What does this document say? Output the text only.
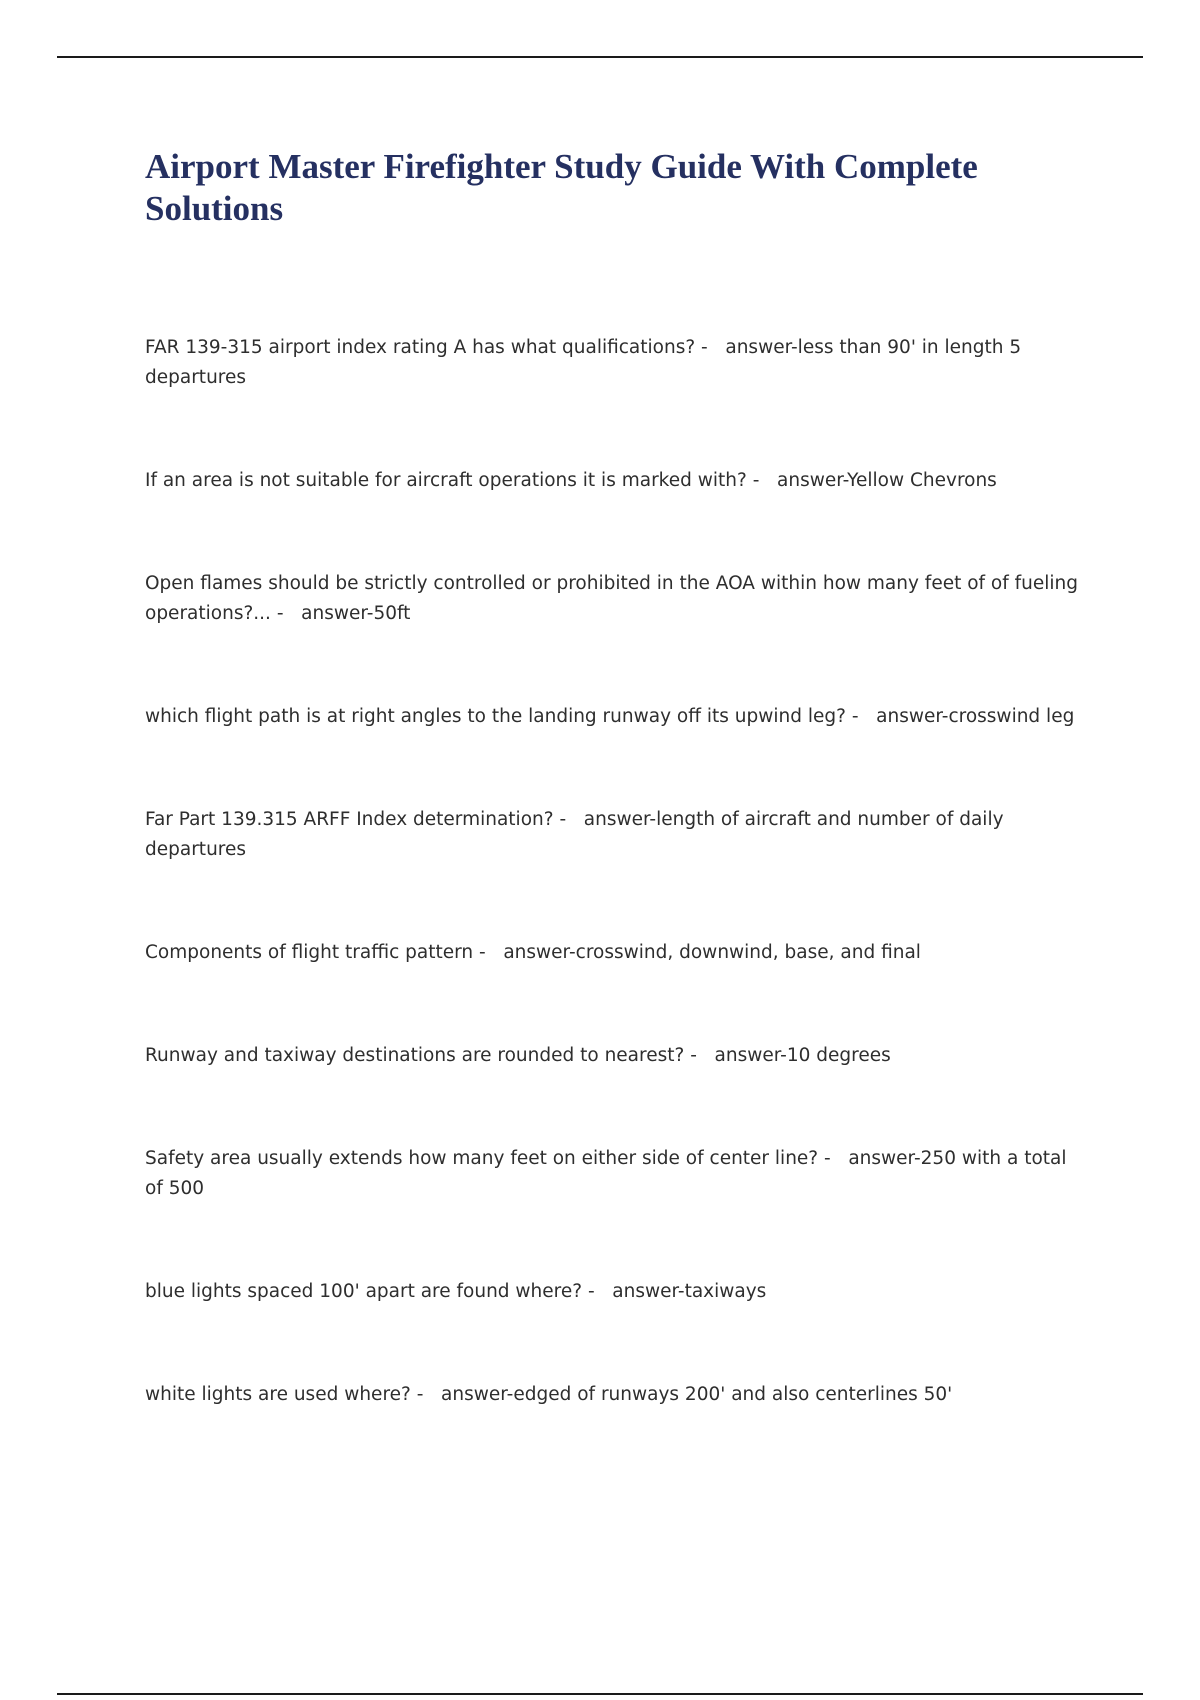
Airport Master Firefighter Study Guide With Complete Solutions
FAR 139-315 airport index rating A has what qualifications? -   answer-less than 90' in length 5 departures
If an area is not suitable for aircraft operations it is marked with? -   answer-Yellow Chevrons
Open flames should be strictly controlled or prohibited in the AOA within how many feet of of fueling operations?... -   answer-50ft
which flight path is at right angles to the landing runway off its upwind leg? -   answer-crosswind leg
Far Part 139.315 ARFF Index determination? -   answer-length of aircraft and number of daily departures
Components of flight traffic pattern -   answer-crosswind, downwind, base, and final
Runway and taxiway destinations are rounded to nearest? -   answer-10 degrees
Safety area usually extends how many feet on either side of center line? -   answer-250 with a total of 500
blue lights spaced 100' apart are found where? -   answer-taxiways
white lights are used where? -   answer-edged of runways 200' and also centerlines 50'
